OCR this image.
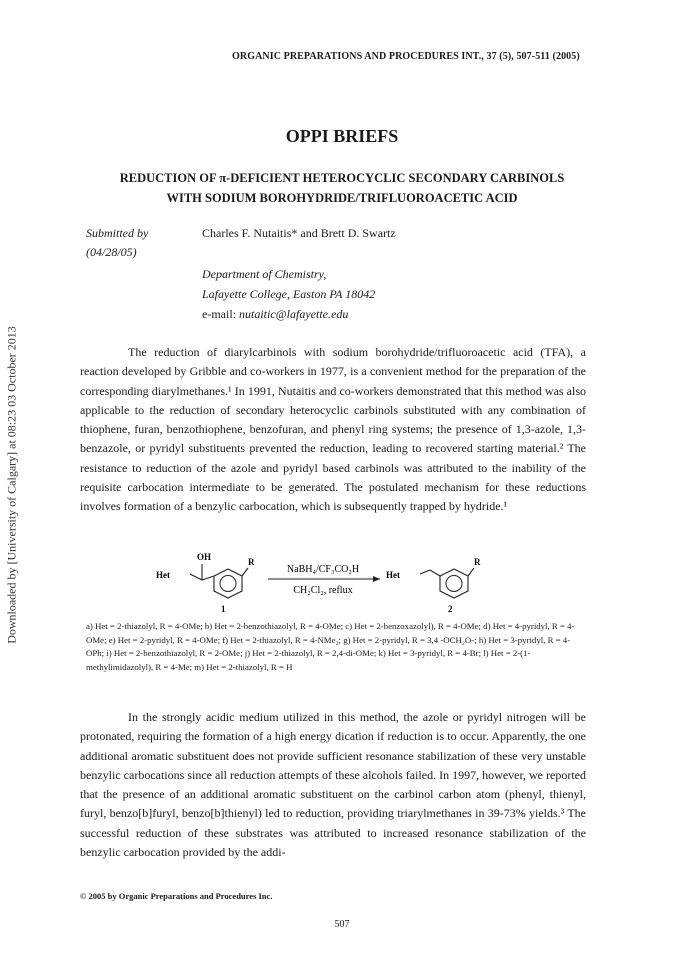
Downloaded by [University of Calgary] at 08:23 03 October 2013
ORGANIC PREPARATIONS AND PROCEDURES INT., 37 (5), 507-511 (2005)
OPPI BRIEFS
REDUCTION OF π-DEFICIENT HETEROCYCLIC SECONDARY CARBINOLS
WITH SODIUM BOROHYDRIDE/TRIFLUOROACETIC ACID
Submitted by
(04/28/05)
Charles F. Nutaitis* and Brett D. Swartz
Department of Chemistry,
Lafayette College, Easton PA 18042
e-mail: nutaitic@lafayette.edu

The reduction of diarylcarbinols with sodium borohydride/trifluoroacetic acid (TFA), a reaction developed by Gribble and co-workers in 1977, is a convenient method for the preparation of the corresponding diarylmethanes.¹ In 1991, Nutaitis and co-workers demonstrated that this method was also applicable to the reduction of secondary heterocyclic carbinols substituted with any combination of thiophene, furan, benzothiophene, benzofuran, and phenyl ring systems; the presence of 1,3-azole, 1,3-benzazole, or pyridyl substituents prevented the reduction, leading to recovered starting material.² The resistance to reduction of the azole and pyridyl based carbinols was attributed to the inability of the requisite carbocation intermediate to be generated. The postulated mechanism for these reductions involves formation of a benzylic carbocation, which is subsequently trapped by hydride.¹

OH
Het
R
1
NaBH₄/CF₃CO₂H
CH₂Cl₂, reflux
Het
R
2
a) Het = 2-thiazolyl, R = 4-OMe; b) Het = 2-benzothiazolyl, R = 4-OMe; c) Het = 2-benzoxazolyl), R = 4-OMe; d) Het = 4-pyridyl, R = 4-OMe; e) Het = 2-pyridyl, R = 4-OMe; f) Het = 2-thiazolyl, R = 4-NMe₂; g) Het = 2-pyridyl, R = 3,4 -OCH₂O-; h) Het = 3-pyridyl, R = 4-OPh; i) Het = 2-benzothiazolyl, R = 2-OMe; j) Het = 2-thiazolyl, R = 2,4-di-OMe; k) Het = 3-pyridyl, R = 4-Br; l) Het = 2-(1-methylimidazolyl), R = 4-Me; m) Het = 2-thiazolyl, R = H

In the strongly acidic medium utilized in this method, the azole or pyridyl nitrogen will be protonated, requiring the formation of a high energy dication if reduction is to occur. Apparently, the one additional aromatic substituent does not provide sufficient resonance stabilization of these very unstable benzylic carbocations since all reduction attempts of these alcohols failed. In 1997, however, we reported that the presence of an additional aromatic substituent on the carbinol carbon atom (phenyl, thienyl, furyl, benzo[b]furyl, benzo[b]thienyl) led to reduction, providing triarylmethanes in 39-73% yields.³ The successful reduction of these substrates was attributed to increased resonance stabilization of the benzylic carbocation provided by the addi-

© 2005 by Organic Preparations and Procedures Inc.
507
